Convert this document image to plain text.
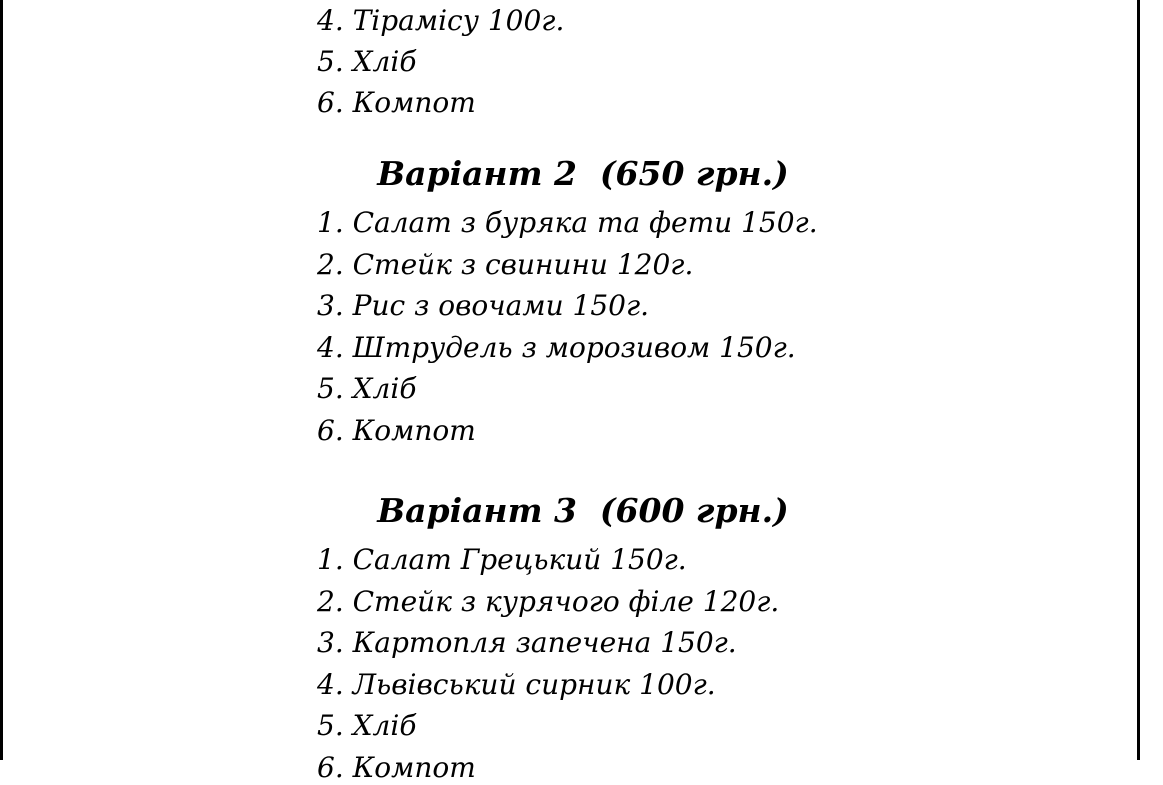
4. Тірамісу 100г.
5. Хліб
6. Компот
Варіант 2  (650 грн.)
1. Салат з буряка та фети 150г.
2. Стейк з свинини 120г.
3. Рис з овочами 150г.
4. Штрудель з морозивом 150г.
5. Хліб
6. Компот
Варіант 3  (600 грн.)
1. Салат Грецький 150г.
2. Стейк з курячого філе 120г.
3. Картопля запечена 150г.
4. Львівський сирник 100г.
5. Хліб
6. Компот
